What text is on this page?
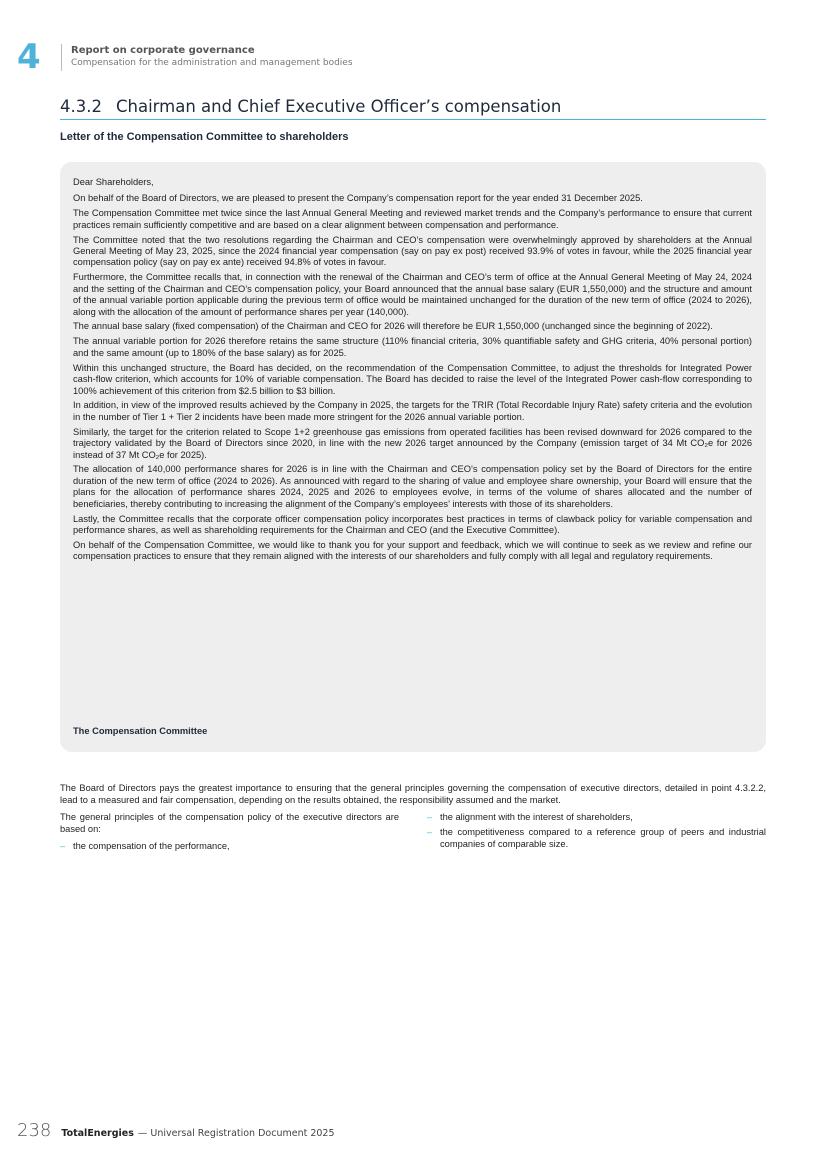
4	Report on corporate governance
Compensation for the administration and management bodies
4.3.2 Chairman and Chief Executive Officer’s compensation
Letter of the Compensation Committee to shareholders

Dear Shareholders,

On behalf of the Board of Directors, we are pleased to present the Company’s compensation report for the year ended 31 December 2025.

The Compensation Committee met twice since the last Annual General Meeting and reviewed market trends and the Company’s performance to ensure that current practices remain sufficiently competitive and are based on a clear alignment between compensation and performance.

The Committee noted that the two resolutions regarding the Chairman and CEO’s compensation were overwhelmingly approved by shareholders at the Annual General Meeting of May 23, 2025, since the 2024 financial year compensation (say on pay ex post) received 93.9% of votes in favour, while the 2025 financial year compensation policy (say on pay ex ante) received 94.8% of votes in favour.

Furthermore, the Committee recalls that, in connection with the renewal of the Chairman and CEO’s term of office at the Annual General Meeting of May 24, 2024 and the setting of the Chairman and CEO’s compensation policy, your Board announced that the annual base salary (EUR 1,550,000) and the structure and amount of the annual variable portion applicable during the previous term of office would be maintained unchanged for the duration of the new term of office (2024 to 2026), along with the allocation of the amount of performance shares per year (140,000).

The annual base salary (fixed compensation) of the Chairman and CEO for 2026 will therefore be EUR 1,550,000 (unchanged since the beginning of 2022).

The annual variable portion for 2026 therefore retains the same structure (110% financial criteria, 30% quantifiable safety and GHG criteria, 40% personal portion) and the same amount (up to 180% of the base salary) as for 2025.

Within this unchanged structure, the Board has decided, on the recommendation of the Compensation Committee, to adjust the thresholds for Integrated Power cash-flow criterion, which accounts for 10% of variable compensation. The Board has decided to raise the level of the Integrated Power cash-flow corresponding to 100% achievement of this criterion from $2.5 billion to $3 billion.

In addition, in view of the improved results achieved by the Company in 2025, the targets for the TRIR (Total Recordable Injury Rate) safety criteria and the evolution in the number of Tier 1 + Tier 2 incidents have been made more stringent for the 2026 annual variable portion.

Similarly, the target for the criterion related to Scope 1+2 greenhouse gas emissions from operated facilities has been revised downward for 2026 compared to the trajectory validated by the Board of Directors since 2020, in line with the new 2026 target announced by the Company (emission target of 34 Mt CO₂e for 2026 instead of 37 Mt CO₂e for 2025).

The allocation of 140,000 performance shares for 2026 is in line with the Chairman and CEO’s compensation policy set by the Board of Directors for the entire duration of the new term of office (2024 to 2026). As announced with regard to the sharing of value and employee share ownership, your Board will ensure that the plans for the allocation of performance shares 2024, 2025 and 2026 to employees evolve, in terms of the volume of shares allocated and the number of beneficiaries, thereby contributing to increasing the alignment of the Company’s employees’ interests with those of its shareholders.

Lastly, the Committee recalls that the corporate officer compensation policy incorporates best practices in terms of clawback policy for variable compensation and performance shares, as well as shareholding requirements for the Chairman and CEO (and the Executive Committee).

On behalf of the Compensation Committee, we would like to thank you for your support and feedback, which we will continue to seek as we review and refine our compensation practices to ensure that they remain aligned with the interests of our shareholders and fully comply with all legal and regulatory requirements.

The Compensation Committee

The Board of Directors pays the greatest importance to ensuring that the general principles governing the compensation of executive directors, detailed in point 4.3.2.2, lead to a measured and fair compensation, depending on the results obtained, the responsibility assumed and the market.

The general principles of the compensation policy of the executive directors are based on:

– the compensation of the performance,
– the alignment with the interest of shareholders,
– the competitiveness compared to a reference group of peers and industrial companies of comparable size.
238 TotalEnergies — Universal Registration Document 2025
